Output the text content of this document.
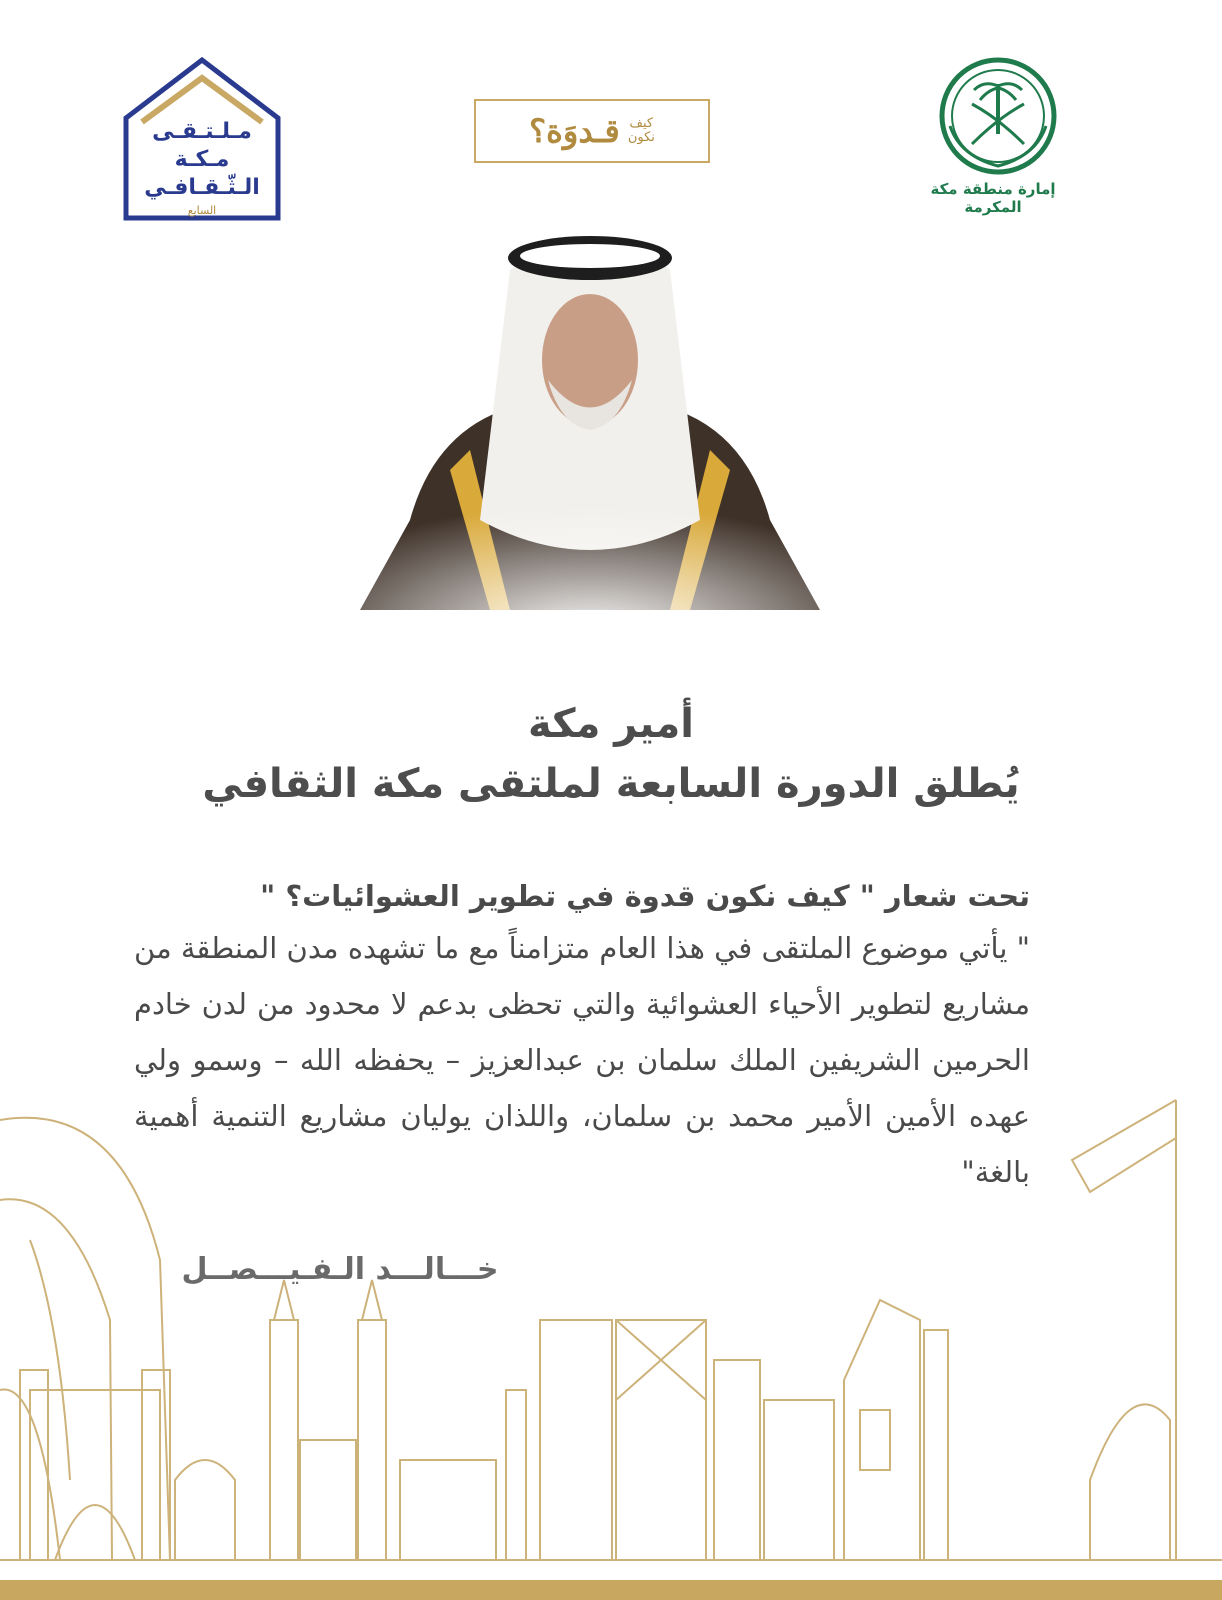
مـلـتـقـى
مـكـة
الـثّـقـافـي
السابع
كيف
نكون
قـدوَة؟
إمارة منطقة مكة المكرمة
أمير مكة
يُطلق الدورة السابعة لملتقى مكة الثقافي
تحت شعار " كيف نكون قدوة في تطوير العشوائيات؟ "
" يأتي موضوع الملتقى في هذا العام متزامناً مع ما تشهده مدن المنطقة من مشاريع لتطوير الأحياء العشوائية والتي تحظى بدعم لا محدود من لدن خادم الحرمين الشريفين الملك سلمان بن عبدالعزيز – يحفظه الله – وسمو ولي عهده الأمين الأمير محمد بن سلمان، واللذان يوليان مشاريع التنمية أهمية بالغة"
خـــالـــد الـفـيـــصــل
